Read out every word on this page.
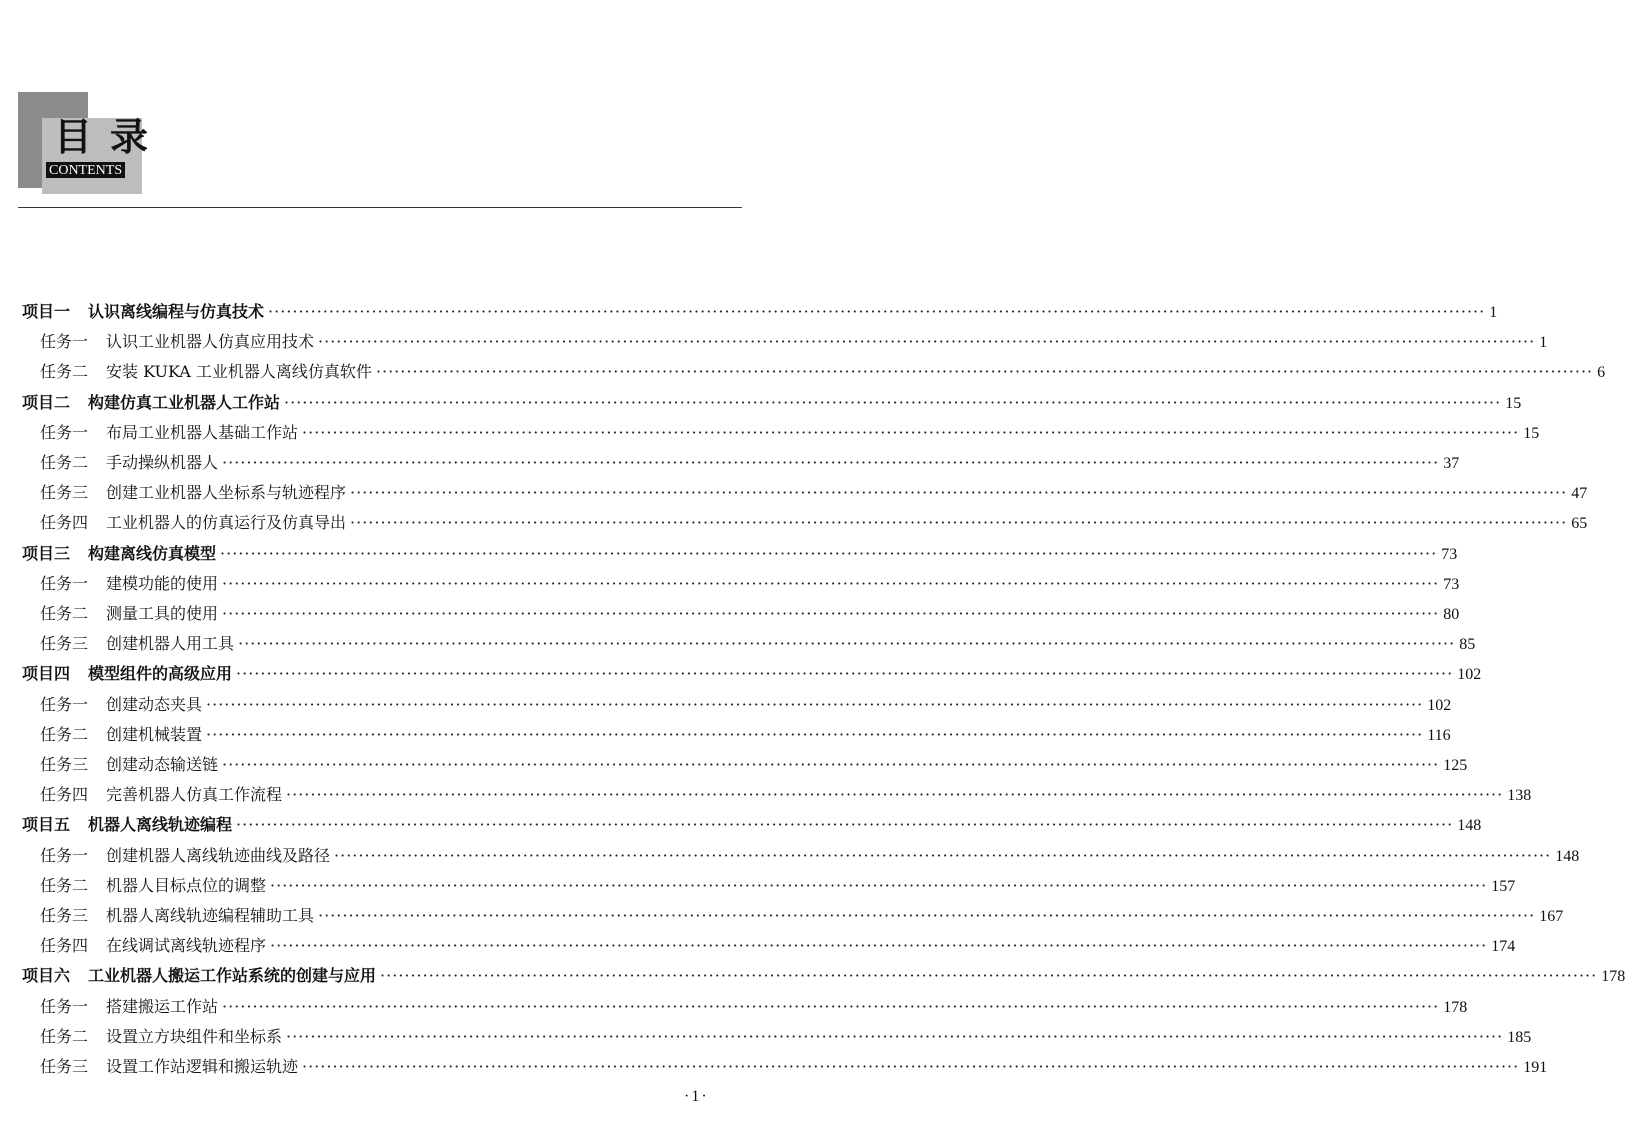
目录
CONTENTS
项目一 认识离线编程与仿真技术 ········································································································································································································ 1
任务一 认识工业机器人仿真应用技术 ········································································································································································································ 1
任务二 安装 KUKA 工业机器人离线仿真软件 ········································································································································································································ 6
项目二 构建仿真工业机器人工作站 ········································································································································································································ 15
任务一 布局工业机器人基础工作站 ········································································································································································································ 15
任务二 手动操纵机器人 ········································································································································································································ 37
任务三 创建工业机器人坐标系与轨迹程序 ········································································································································································································ 47
任务四 工业机器人的仿真运行及仿真导出 ········································································································································································································ 65
项目三 构建离线仿真模型 ········································································································································································································ 73
任务一 建模功能的使用 ········································································································································································································ 73
任务二 测量工具的使用 ········································································································································································································ 80
任务三 创建机器人用工具 ········································································································································································································ 85
项目四 模型组件的高级应用 ········································································································································································································ 102
任务一 创建动态夹具 ········································································································································································································ 102
任务二 创建机械装置 ········································································································································································································ 116
任务三 创建动态输送链 ········································································································································································································ 125
任务四 完善机器人仿真工作流程 ········································································································································································································ 138
项目五 机器人离线轨迹编程 ········································································································································································································ 148
任务一 创建机器人离线轨迹曲线及路径 ········································································································································································································ 148
任务二 机器人目标点位的调整 ········································································································································································································ 157
任务三 机器人离线轨迹编程辅助工具 ········································································································································································································ 167
任务四 在线调试离线轨迹程序 ········································································································································································································ 174
项目六 工业机器人搬运工作站系统的创建与应用 ········································································································································································································ 178
任务一 搭建搬运工作站 ········································································································································································································ 178
任务二 设置立方块组件和坐标系 ········································································································································································································ 185
任务三 设置工作站逻辑和搬运轨迹 ········································································································································································································ 191
·1·
